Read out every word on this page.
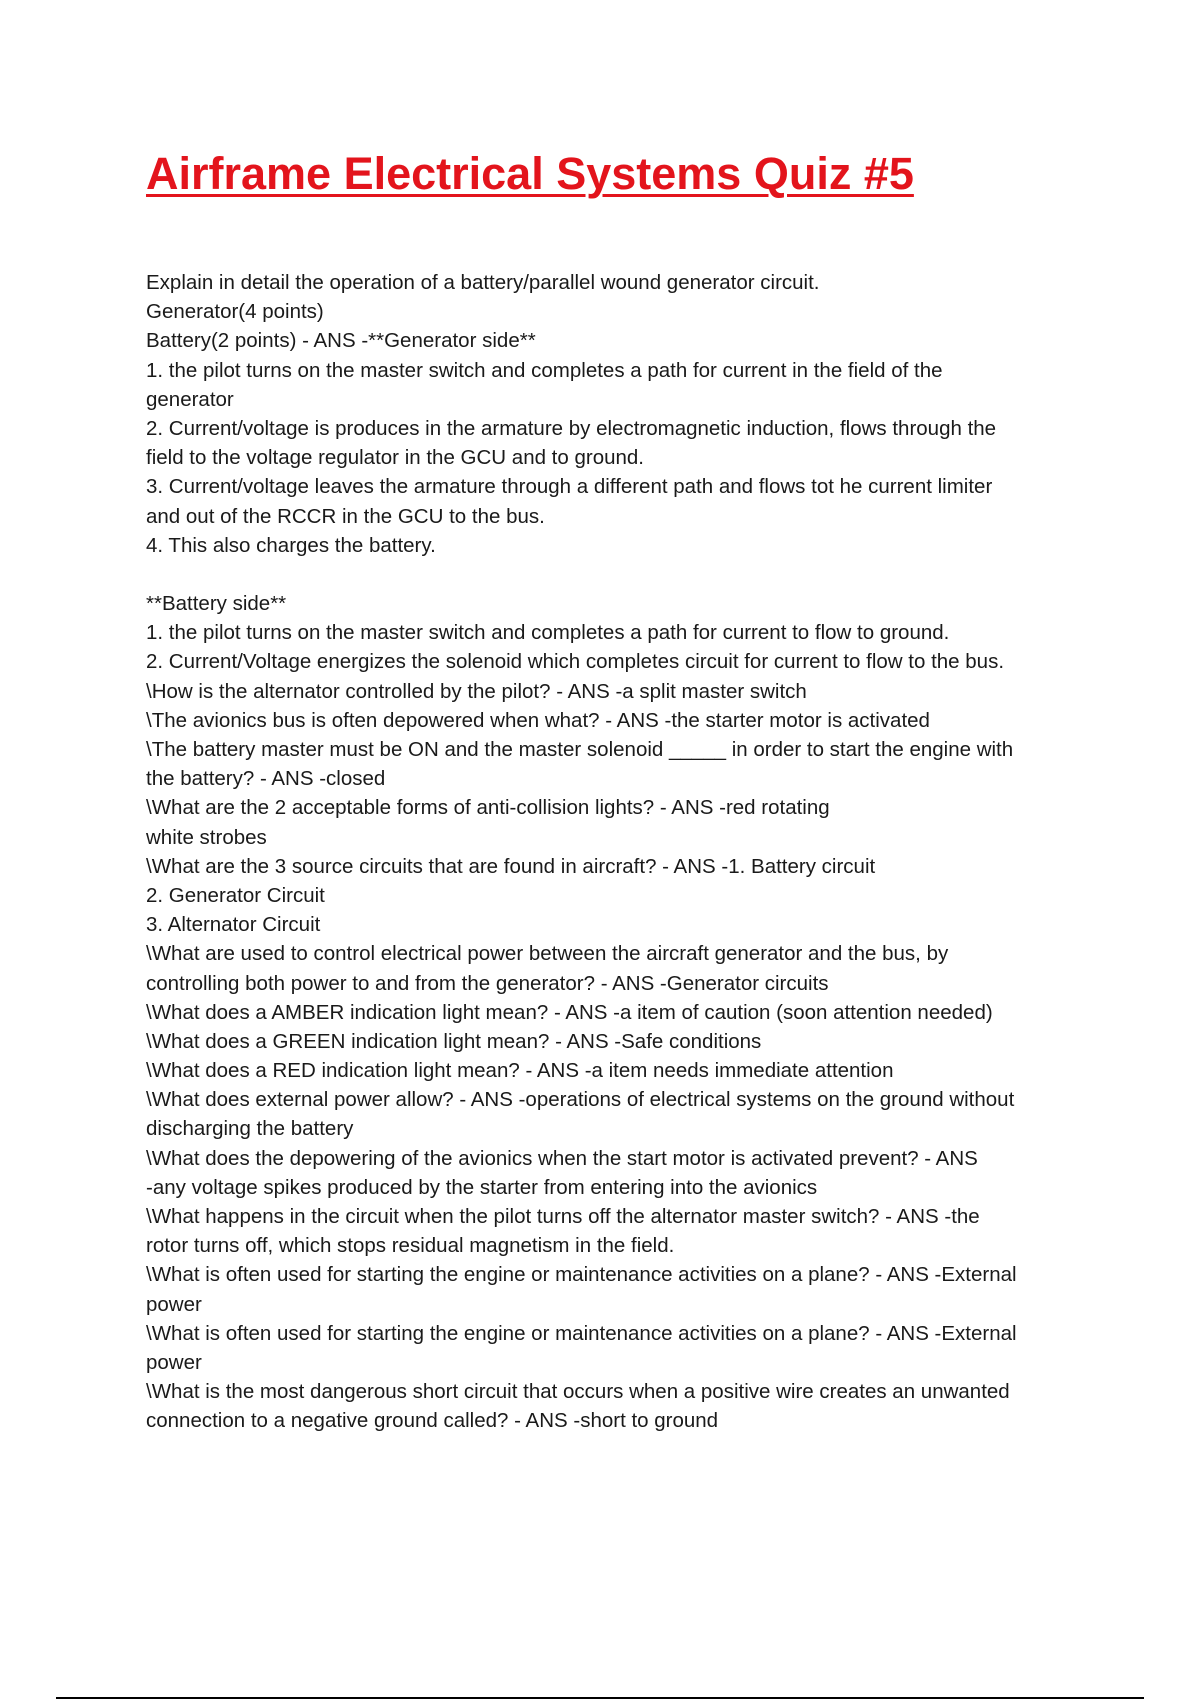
Airframe Electrical Systems Quiz #5
Explain in detail the operation of a battery/parallel wound generator circuit.
Generator(4 points)
Battery(2 points) - ANS -**Generator side**
1. the pilot turns on the master switch and completes a path for current in the field of the
generator
2. Current/voltage is produces in the armature by electromagnetic induction, flows through the
field to the voltage regulator in the GCU and to ground.
3. Current/voltage leaves the armature through a different path and flows tot he current limiter
and out of the RCCR in the GCU to the bus.
4. This also charges the battery.
**Battery side**
1. the pilot turns on the master switch and completes a path for current to flow to ground.
2. Current/Voltage energizes the solenoid which completes circuit for current to flow to the bus.
\How is the alternator controlled by the pilot? - ANS -a split master switch
\The avionics bus is often depowered when what? - ANS -the starter motor is activated
\The battery master must be ON and the master solenoid _____ in order to start the engine with
the battery? - ANS -closed
\What are the 2 acceptable forms of anti-collision lights? - ANS -red rotating
white strobes
\What are the 3 source circuits that are found in aircraft? - ANS -1. Battery circuit
2. Generator Circuit
3. Alternator Circuit
\What are used to control electrical power between the aircraft generator and the bus, by
controlling both power to and from the generator? - ANS -Generator circuits
\What does a AMBER indication light mean? - ANS -a item of caution (soon attention needed)
\What does a GREEN indication light mean? - ANS -Safe conditions
\What does a RED indication light mean? - ANS -a item needs immediate attention
\What does external power allow? - ANS -operations of electrical systems on the ground without
discharging the battery
\What does the depowering of the avionics when the start motor is activated prevent? - ANS
-any voltage spikes produced by the starter from entering into the avionics
\What happens in the circuit when the pilot turns off the alternator master switch? - ANS -the
rotor turns off, which stops residual magnetism in the field.
\What is often used for starting the engine or maintenance activities on a plane? - ANS -External
power
\What is often used for starting the engine or maintenance activities on a plane? - ANS -External
power
\What is the most dangerous short circuit that occurs when a positive wire creates an unwanted
connection to a negative ground called? - ANS -short to ground
